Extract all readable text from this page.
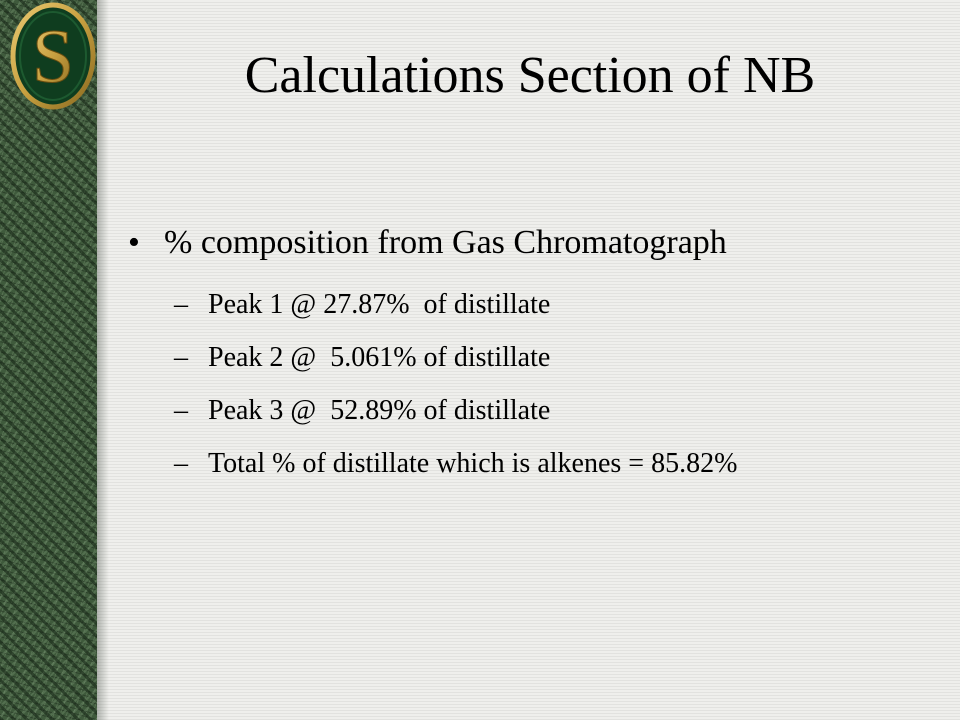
S	Calculations Section of NB
• % composition from Gas Chromatograph
– Peak 1 @ 27.87%  of distillate
– Peak 2 @  5.061% of distillate
– Peak 3 @  52.89% of distillate
– Total % of distillate which is alkenes = 85.82%
